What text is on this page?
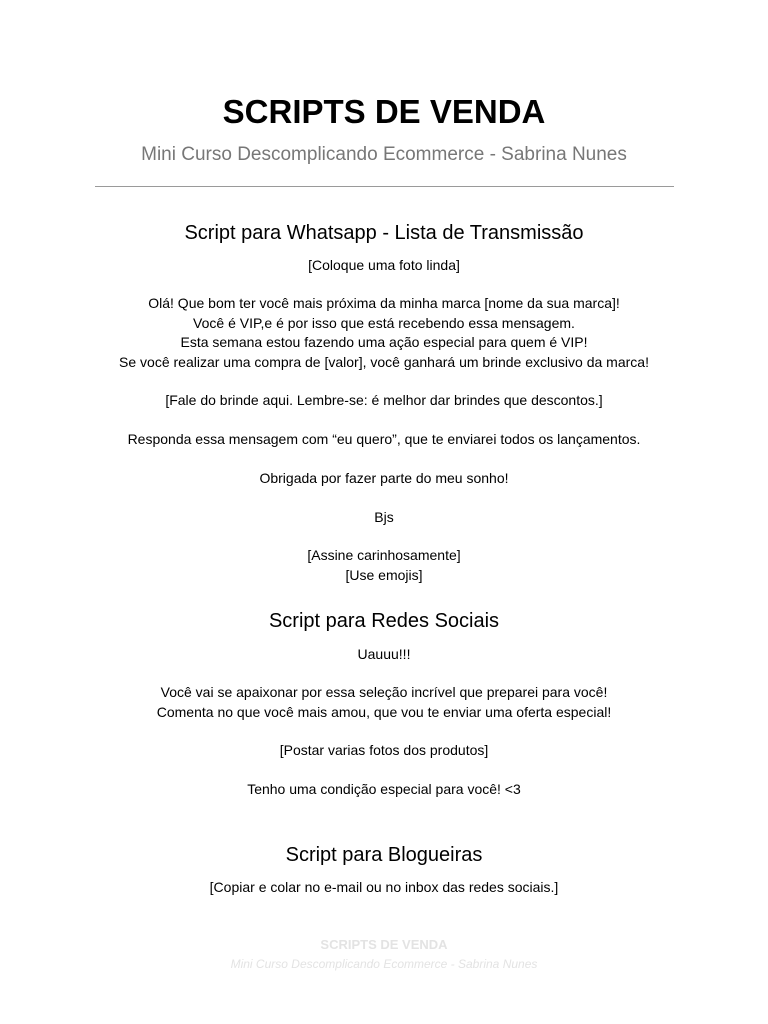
SCRIPTS DE VENDA
Mini Curso Descomplicando Ecommerce - Sabrina Nunes
Script para Whatsapp - Lista de Transmissão
[Coloque uma foto linda]
Olá! Que bom ter você mais próxima da minha marca [nome da sua marca]!
Você é VIP,e é por isso que está recebendo essa mensagem.
Esta semana estou fazendo uma ação especial para quem é VIP!
Se você realizar uma compra de [valor], você ganhará um brinde exclusivo da marca!
[Fale do brinde aqui. Lembre-se: é melhor dar brindes que descontos.]
Responda essa mensagem com “eu quero”, que te enviarei todos os lançamentos.
Obrigada por fazer parte do meu sonho!
Bjs
[Assine carinhosamente]
[Use emojis]
Script para Redes Sociais
Uauuu!!!
Você vai se apaixonar por essa seleção incrível que preparei para você!
Comenta no que você mais amou, que vou te enviar uma oferta especial!
[Postar varias fotos dos produtos]
Tenho uma condição especial para você! <3
Script para Blogueiras
[Copiar e colar no e-mail ou no inbox das redes sociais.]
SCRIPTS DE VENDA
Mini Curso Descomplicando Ecommerce - Sabrina Nunes
